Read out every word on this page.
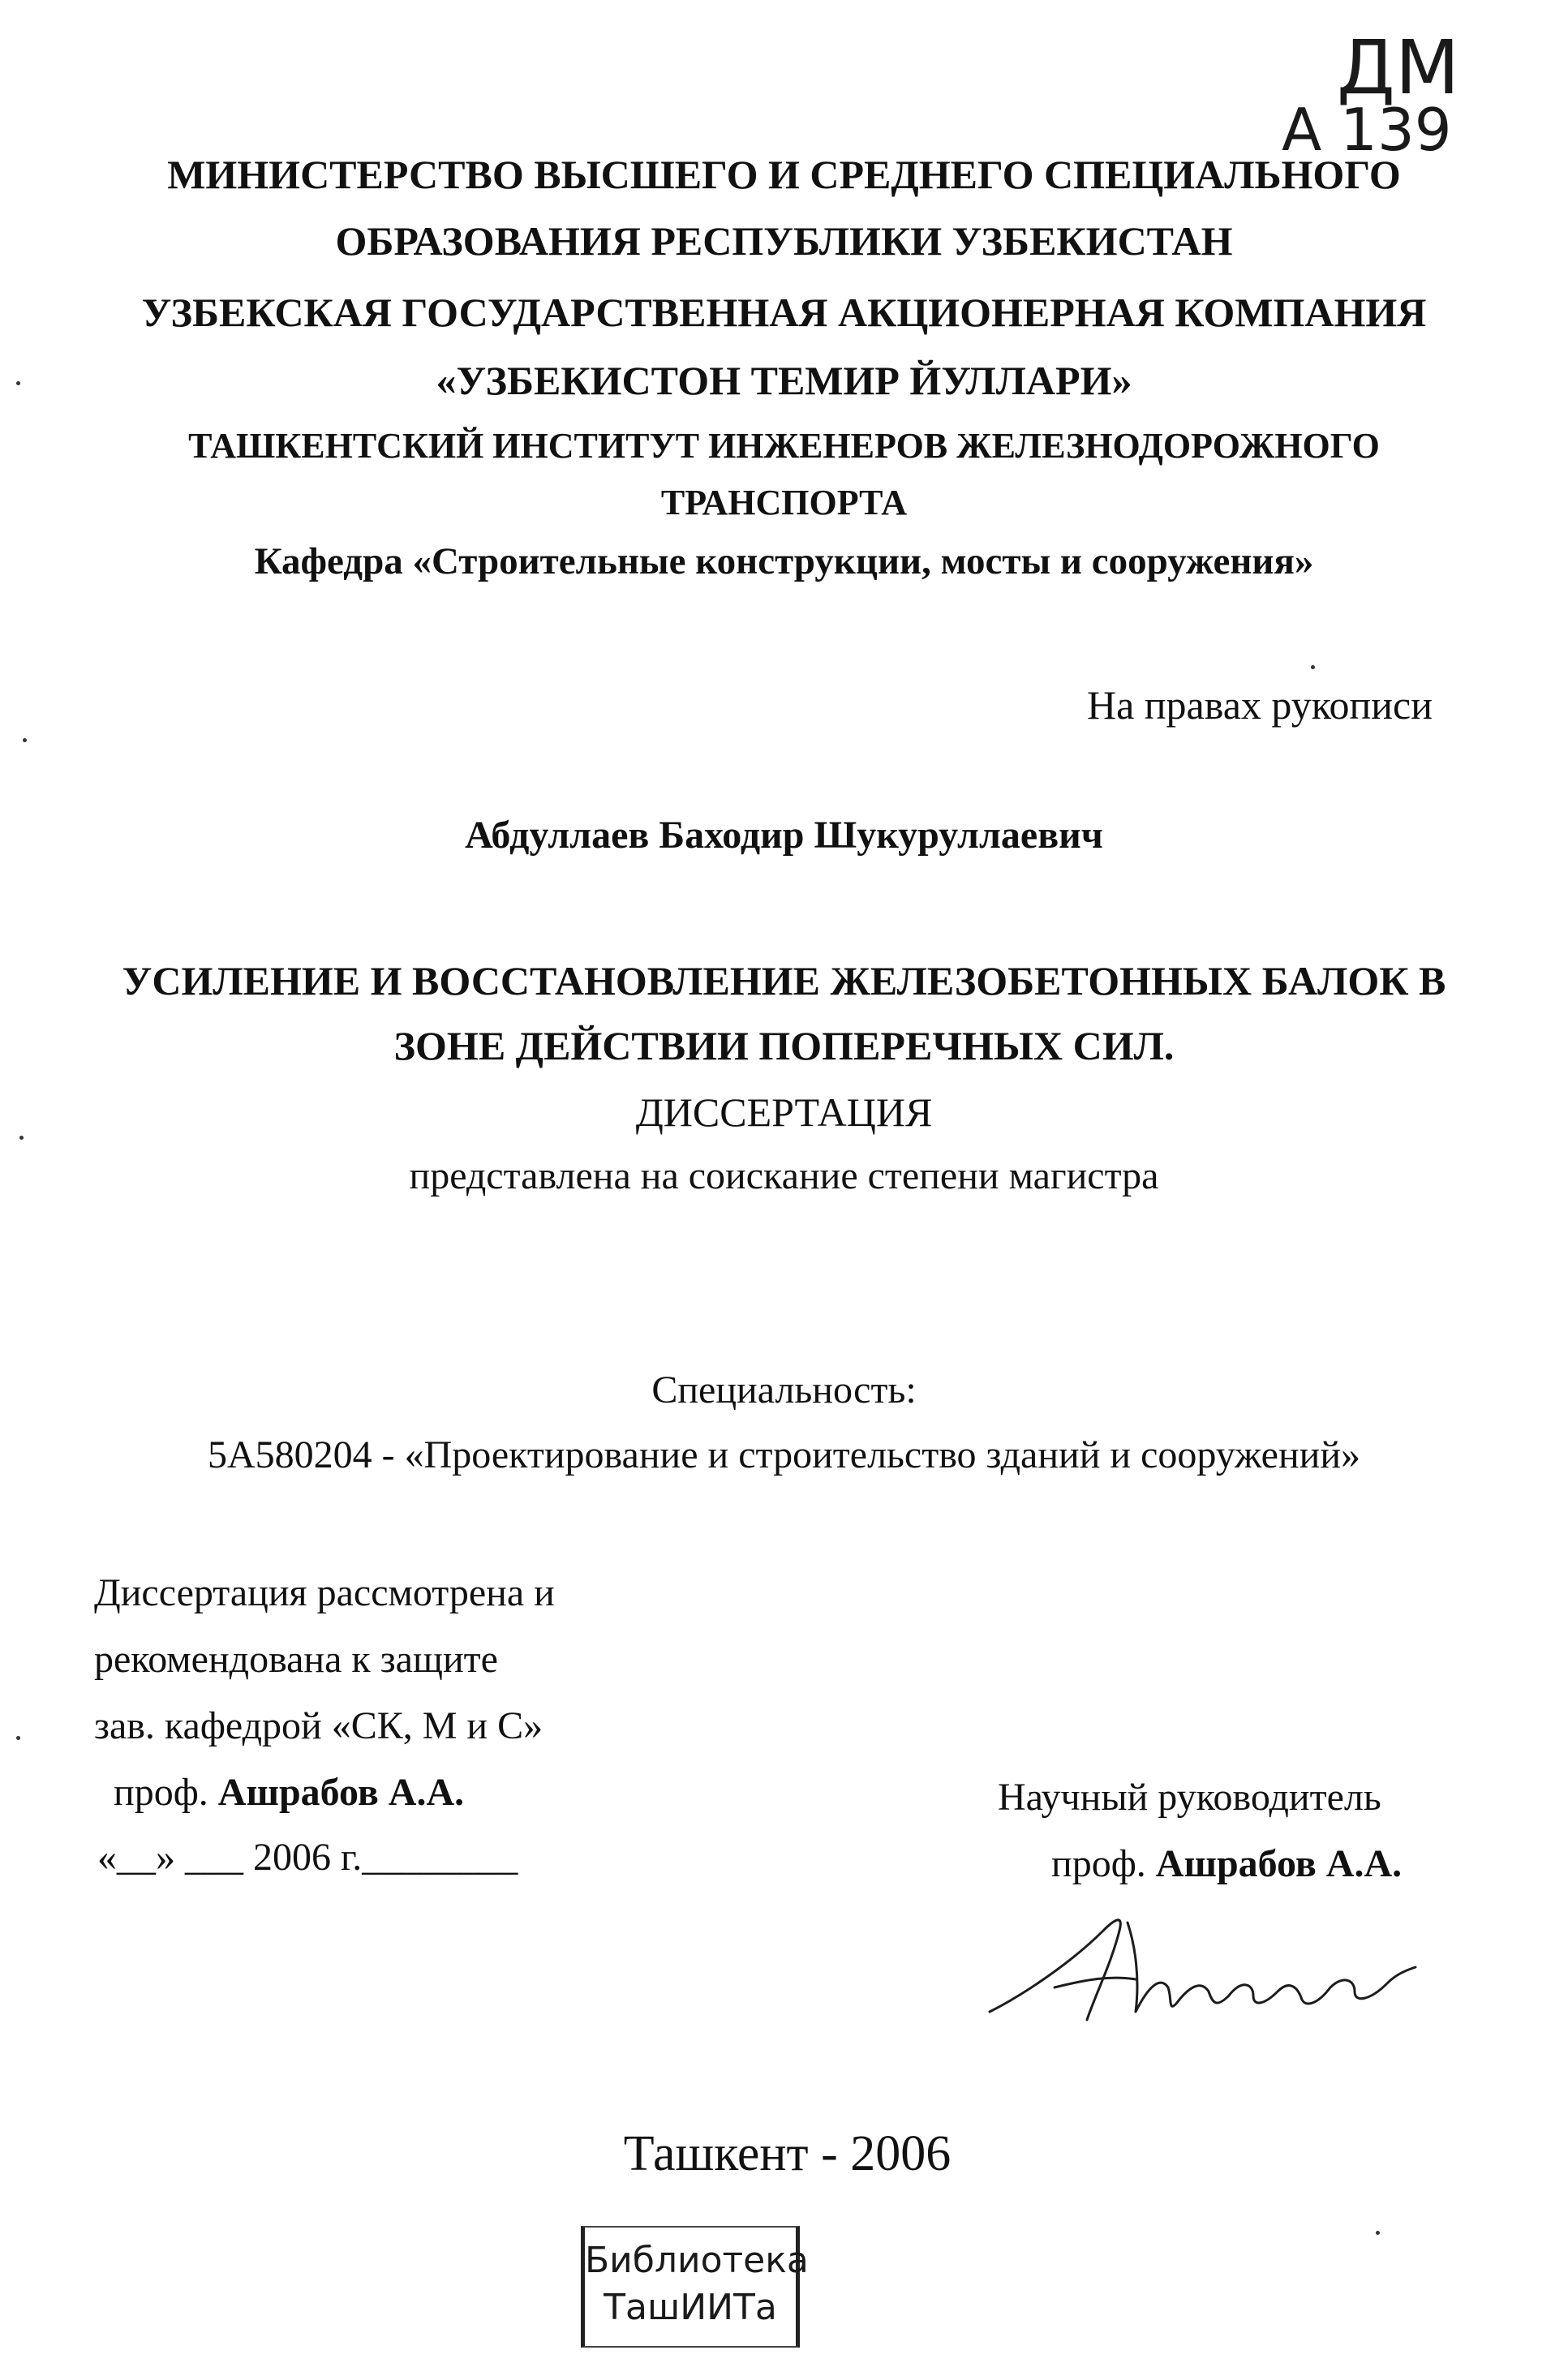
ДМ
А 139
МИНИСТЕРСТВО ВЫСШЕГО И СРЕДНЕГО СПЕЦИАЛЬНОГО
ОБРАЗОВАНИЯ РЕСПУБЛИКИ УЗБЕКИСТАН
УЗБЕКСКАЯ ГОСУДАРСТВЕННАЯ АКЦИОНЕРНАЯ КОМПАНИЯ
«УЗБЕКИСТОН ТЕМИР ЙУЛЛАРИ»
ТАШКЕНТСКИЙ ИНСТИТУТ ИНЖЕНЕРОВ ЖЕЛЕЗНОДОРОЖНОГО
ТРАНСПОРТА
Кафедра «Строительные конструкции, мосты и сооружения»
На правах рукописи
Абдуллаев Баходир Шукуруллаевич
УСИЛЕНИЕ И ВОССТАНОВЛЕНИЕ ЖЕЛЕЗОБЕТОННЫХ БАЛОК В
ЗОНЕ ДЕЙСТВИИ ПОПЕРЕЧНЫХ СИЛ.
ДИССЕРТАЦИЯ
представлена на соискание степени магистра
Специальность:
5A580204 - «Проектирование и строительство зданий и сооружений»
Диссертация рассмотрена и
рекомендована к защите
зав. кафедрой «СК, М и С»
проф. Ашрабов А.А.
«__» ___ 2006 г.________
Научный руководитель
проф. Ашрабов А.А.
Ташкент - 2006
Библиотека
ТашИИТа
